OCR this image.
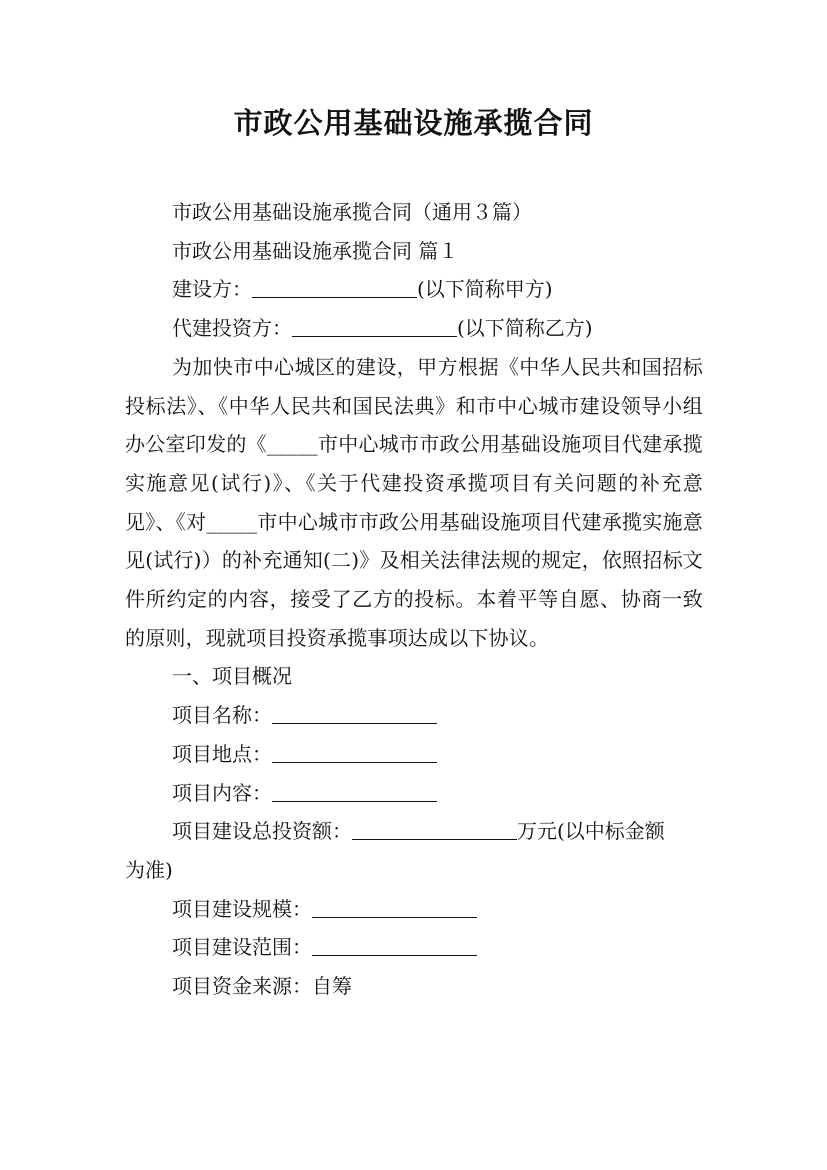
市政公用基础设施承揽合同
市政公用基础设施承揽合同（通用３篇）
市政公用基础设施承揽合同 篇１
建设方：	(以下简称甲方)
代建投资方：	(以下简称乙方)
为加快市中心城区的建设，甲方根据《中华人民共和国招标投标法》、《中华人民共和国民法典》和市中心城市建设领导小组办公室印发的《_____市中心城市市政公用基础设施项目代建承揽实施意见(试行)》、《关于代建投资承揽项目有关问题的补充意见》、《对_____市中心城市市政公用基础设施项目代建承揽实施意见(试行)）的补充通知(二)》及相关法律法规的规定，依照招标文件所约定的内容，接受了乙方的投标。本着平等自愿、协商一致的原则，现就项目投资承揽事项达成以下协议。
一、项目概况
项目名称：
项目地点：
项目内容：
项目建设总投资额：	万元(以中标金额
为准)
项目建设规模：
项目建设范围：
项目资金来源：自筹
